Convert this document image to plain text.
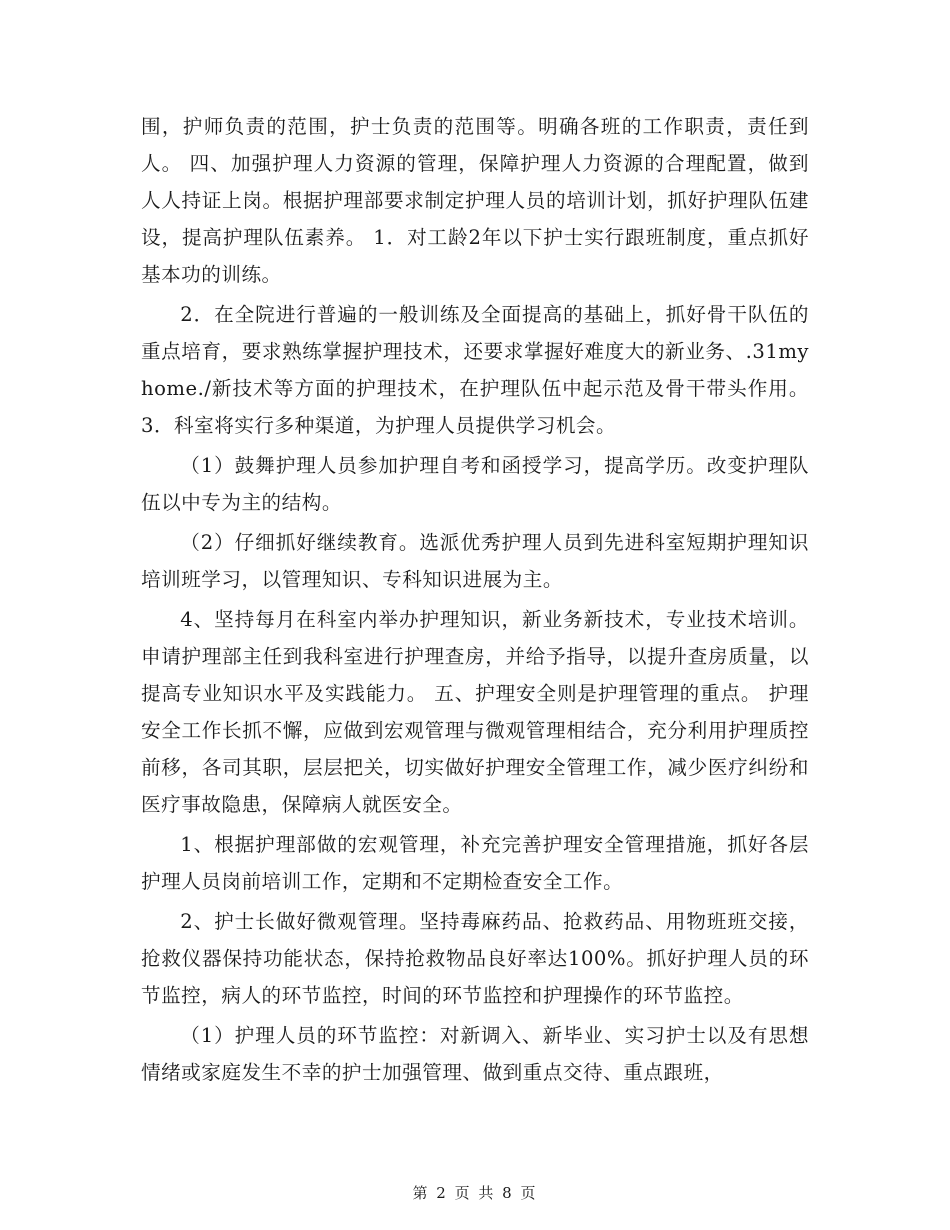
围，护师负责的范围，护士负责的范围等。明确各班的工作职责，责任到人。 四、加强护理人力资源的管理，保障护理人力资源的合理配置，做到人人持证上岗。根据护理部要求制定护理人员的培训计划，抓好护理队伍建设，提高护理队伍素养。 1．对工龄2年以下护士实行跟班制度，重点抓好基本功的训练。

2．在全院进行普遍的一般训练及全面提高的基础上，抓好骨干队伍的重点培育，要求熟练掌握护理技术，还要求掌握好难度大的新业务、.31myhome./新技术等方面的护理技术，在护理队伍中起示范及骨干带头作用。 3．科室将实行多种渠道，为护理人员提供学习机会。

（1）鼓舞护理人员参加护理自考和函授学习，提高学历。改变护理队伍以中专为主的结构。

（2）仔细抓好继续教育。选派优秀护理人员到先进科室短期护理知识培训班学习，以管理知识、专科知识进展为主。

4、坚持每月在科室内举办护理知识，新业务新技术，专业技术培训。申请护理部主任到我科室进行护理查房，并给予指导，以提升查房质量，以提高专业知识水平及实践能力。 五、护理安全则是护理管理的重点。 护理安全工作长抓不懈，应做到宏观管理与微观管理相结合，充分利用护理质控前移，各司其职，层层把关，切实做好护理安全管理工作，减少医疗纠纷和医疗事故隐患，保障病人就医安全。

1、根据护理部做的宏观管理，补充完善护理安全管理措施，抓好各层护理人员岗前培训工作，定期和不定期检查安全工作。

2、护士长做好微观管理。坚持毒麻药品、抢救药品、用物班班交接，抢救仪器保持功能状态，保持抢救物品良好率达100%。抓好护理人员的环节监控，病人的环节监控，时间的环节监控和护理操作的环节监控。

（1）护理人员的环节监控：对新调入、新毕业、实习护士以及有思想情绪或家庭发生不幸的护士加强管理、做到重点交待、重点跟班，

第 2 页 共 8 页
